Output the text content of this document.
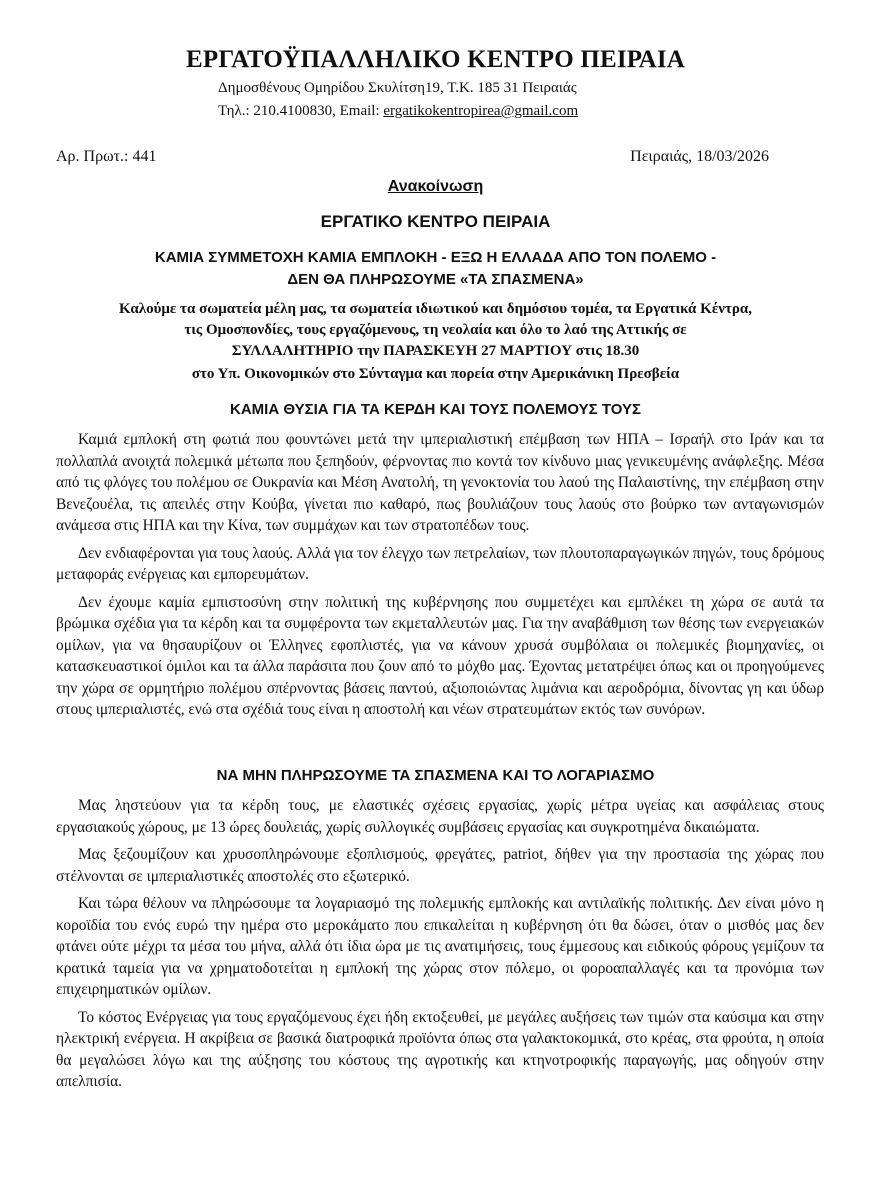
ΕΡΓΑΤΟΫΠΑΛΛΗΛΙΚΟ ΚΕΝΤΡΟ ΠΕΙΡΑΙΑ
Δημοσθένους Ομηρίδου Σκυλίτση19, Τ.Κ. 185 31 Πειραιάς
Τηλ.: 210.4100830, Email: ergatikokentropirea@gmail.com
Αρ. Πρωτ.: 441	Πειραιάς, 18/03/2026
Ανακοίνωση
ΕΡΓΑΤΙΚΟ ΚΕΝΤΡΟ ΠΕΙΡΑΙΑ
ΚΑΜΙΑ ΣΥΜΜΕΤΟΧΗ ΚΑΜΙΑ ΕΜΠΛΟΚΗ - ΕΞΩ Η ΕΛΛΑΔΑ ΑΠΟ ΤΟΝ ΠΟΛΕΜΟ -
ΔΕΝ ΘΑ ΠΛΗΡΩΣΟΥΜΕ «ΤΑ ΣΠΑΣΜΕΝΑ»
Καλούμε τα σωματεία μέλη μας, τα σωματεία ιδιωτικού και δημόσιου τομέα, τα Εργατικά Κέντρα,
τις Ομοσπονδίες, τους εργαζόμενους, τη νεολαία και όλο το λαό της Αττικής σε
ΣΥΛΛΑΛΗΤΗΡΙΟ την ΠΑΡΑΣΚΕΥΗ 27 ΜΑΡΤΙΟΥ στις 18.30
στο Υπ. Οικονομικών στο Σύνταγμα και πορεία στην Αμερικάνικη Πρεσβεία
ΚΑΜΙΑ ΘΥΣΙΑ ΓΙΑ ΤΑ ΚΕΡΔΗ ΚΑΙ ΤΟΥΣ ΠΟΛΕΜΟΥΣ ΤΟΥΣ

Καμιά εμπλοκή στη φωτιά που φουντώνει μετά την ιμπεριαλιστική επέμβαση των ΗΠΑ – Ισραήλ στο Ιράν και τα πολλαπλά ανοιχτά πολεμικά μέτωπα που ξεπηδούν, φέρνοντας πιο κοντά τον κίνδυνο μιας γενικευμένης ανάφλεξης. Μέσα από τις φλόγες του πολέμου σε Ουκρανία και Μέση Ανατολή, τη γενοκτονία του λαού της Παλαιστίνης, την επέμβαση στην Βενεζουέλα, τις απειλές στην Κούβα, γίνεται πιο καθαρό, πως βουλιάζουν τους λαούς στο βούρκο των ανταγωνισμών ανάμεσα στις ΗΠΑ και την Κίνα, των συμμάχων και των στρατοπέδων τους.

Δεν ενδιαφέρονται για τους λαούς. Αλλά για τον έλεγχο των πετρελαίων, των πλουτοπαραγωγικών πηγών, τους δρόμους μεταφοράς ενέργειας και εμπορευμάτων.

Δεν έχουμε καμία εμπιστοσύνη στην πολιτική της κυβέρνησης που συμμετέχει και εμπλέκει τη χώρα σε αυτά τα βρώμικα σχέδια για τα κέρδη και τα συμφέροντα των εκμεταλλευτών μας. Για την αναβάθμιση των θέσης των ενεργειακών ομίλων, για να θησαυρίζουν οι Έλληνες εφοπλιστές, για να κάνουν χρυσά συμβόλαια οι πολεμικές βιομηχανίες, οι κατασκευαστικοί όμιλοι και τα άλλα παράσιτα που ζουν από το μόχθο μας. Έχοντας μετατρέψει όπως και οι προηγούμενες την χώρα σε ορμητήριο πολέμου σπέρνοντας βάσεις παντού, αξιοποιώντας λιμάνια και αεροδρόμια, δίνοντας γη και ύδωρ στους ιμπεριαλιστές, ενώ στα σχέδιά τους είναι η αποστολή και νέων στρατευμάτων εκτός των συνόρων.

ΝΑ ΜΗΝ ΠΛΗΡΩΣΟΥΜΕ ΤΑ ΣΠΑΣΜΕΝΑ ΚΑΙ ΤΟ ΛΟΓΑΡΙΑΣΜΟ

Μας ληστεύουν για τα κέρδη τους, με ελαστικές σχέσεις εργασίας, χωρίς μέτρα υγείας και ασφάλειας στους εργασιακούς χώρους, με 13 ώρες δουλειάς, χωρίς συλλογικές συμβάσεις εργασίας και συγκροτημένα δικαιώματα.

Μας ξεζουμίζουν και χρυσοπληρώνουμε εξοπλισμούς, φρεγάτες, patriot, δήθεν για την προστασία της χώρας που στέλνονται σε ιμπεριαλιστικές αποστολές στο εξωτερικό.

Και τώρα θέλουν να πληρώσουμε τα λογαριασμό της πολεμικής εμπλοκής και αντιλαϊκής πολιτικής. Δεν είναι μόνο η κοροϊδία του ενός ευρώ την ημέρα στο μεροκάματο που επικαλείται η κυβέρνηση ότι θα δώσει, όταν ο μισθός μας δεν φτάνει ούτε μέχρι τα μέσα του μήνα, αλλά ότι ίδια ώρα με τις ανατιμήσεις, τους έμμεσους και ειδικούς φόρους γεμίζουν τα κρατικά ταμεία για να χρηματοδοτείται η εμπλοκή της χώρας στον πόλεμο, οι φοροαπαλλαγές και τα προνόμια των επιχειρηματικών ομίλων.

Το κόστος Ενέργειας για τους εργαζόμενους έχει ήδη εκτοξευθεί, με μεγάλες αυξήσεις των τιμών στα καύσιμα και στην ηλεκτρική ενέργεια. Η ακρίβεια σε βασικά διατροφικά προϊόντα όπως στα γαλακτοκομικά, στο κρέας, στα φρούτα, η οποία θα μεγαλώσει λόγω και της αύξησης του κόστους της αγροτικής και κτηνοτροφικής παραγωγής, μας οδηγούν στην απελπισία.
